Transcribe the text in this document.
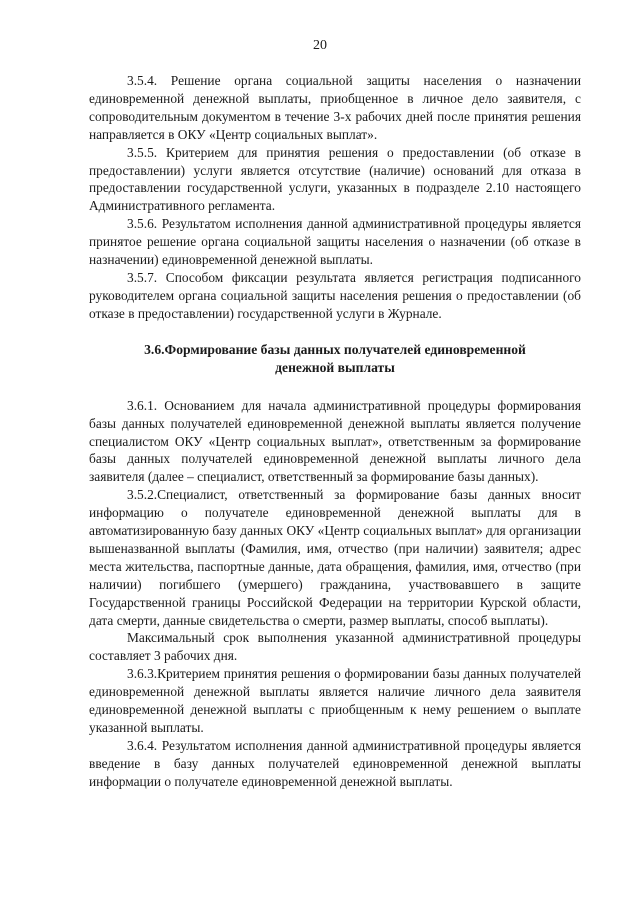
20

3.5.4. Решение органа социальной защиты населения о назначении единовременной денежной выплаты, приобщенное в личное дело заявителя, с сопроводительным документом в течение 3-х рабочих дней после принятия решения направляется в ОКУ «Центр социальных выплат».

3.5.5. Критерием для принятия решения о предоставлении (об отказе в предоставлении) услуги является отсутствие (наличие) оснований для отказа в предоставлении государственной услуги, указанных в подразделе 2.10 настоящего Административного регламента.

3.5.6. Результатом исполнения данной административной процедуры является принятое решение органа социальной защиты населения о назначении (об отказе в назначении) единовременной денежной выплаты.

3.5.7. Способом фиксации результата является регистрация подписанного руководителем органа социальной защиты населения решения о предоставлении (об отказе в предоставлении) государственной услуги в Журнале.

3.6.Формирование базы данных получателей единовременной денежной выплаты

3.6.1. Основанием для начала административной процедуры формирования базы данных получателей единовременной денежной выплаты является получение специалистом ОКУ «Центр социальных выплат», ответственным за формирование базы данных получателей единовременной денежной выплаты личного дела заявителя (далее – специалист, ответственный за формирование базы данных).

3.5.2.Специалист, ответственный за формирование базы данных вносит информацию о получателе единовременной денежной выплаты для в автоматизированную базу данных ОКУ «Центр социальных выплат» для организации вышеназванной выплаты (Фамилия, имя, отчество (при наличии) заявителя; адрес места жительства, паспортные данные, дата обращения, фамилия, имя, отчество (при наличии) погибшего (умершего) гражданина, участвовавшего в защите Государственной границы Российской Федерации на территории Курской области, дата смерти, данные свидетельства о смерти, размер выплаты, способ выплаты).

Максимальный срок выполнения указанной административной процедуры составляет 3 рабочих дня.

3.6.3.Критерием принятия решения о формировании базы данных получателей единовременной денежной выплаты является наличие личного дела заявителя единовременной денежной выплаты с приобщенным к нему решением о выплате указанной выплаты.

3.6.4. Результатом исполнения данной административной процедуры является введение в базу данных получателей единовременной денежной выплаты информации о получателе единовременной денежной выплаты.
